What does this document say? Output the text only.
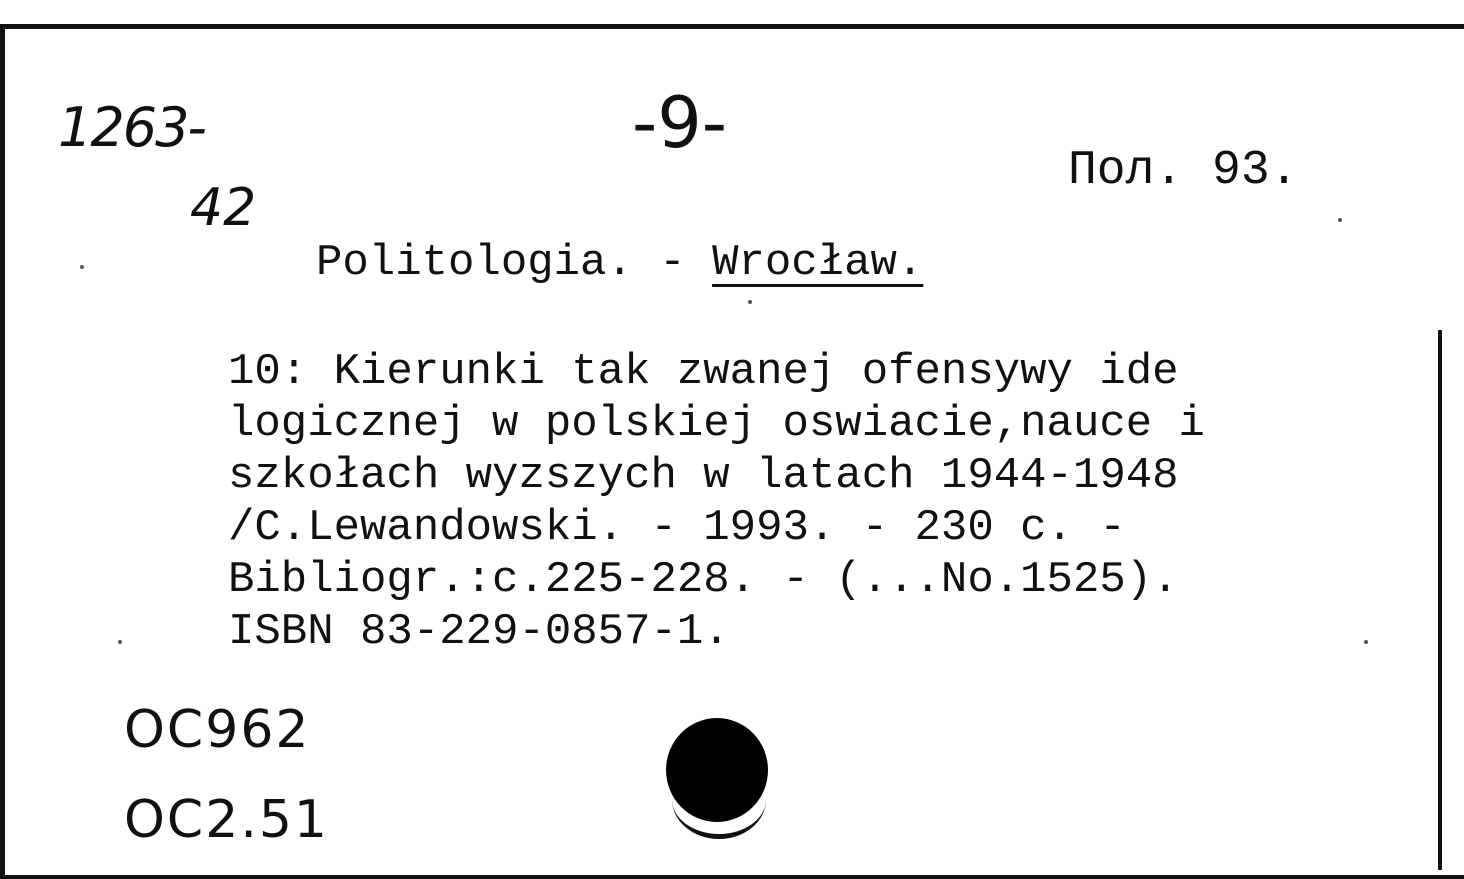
1263-
42
-9-
Пол. 93.
Politologia. - Wrocław.
10: Kierunki tak zwanej ofensywy ide
logicznej w polskiej oswiacie,nauce i
szkołach wyzszych w latach 1944-1948
/C.Lewandowski. - 1993. - 230 c. -
Bibliogr.:c.225-228. - (...No.1525).
ISBN 83-229-0857-1.
OC962
OC2.51
